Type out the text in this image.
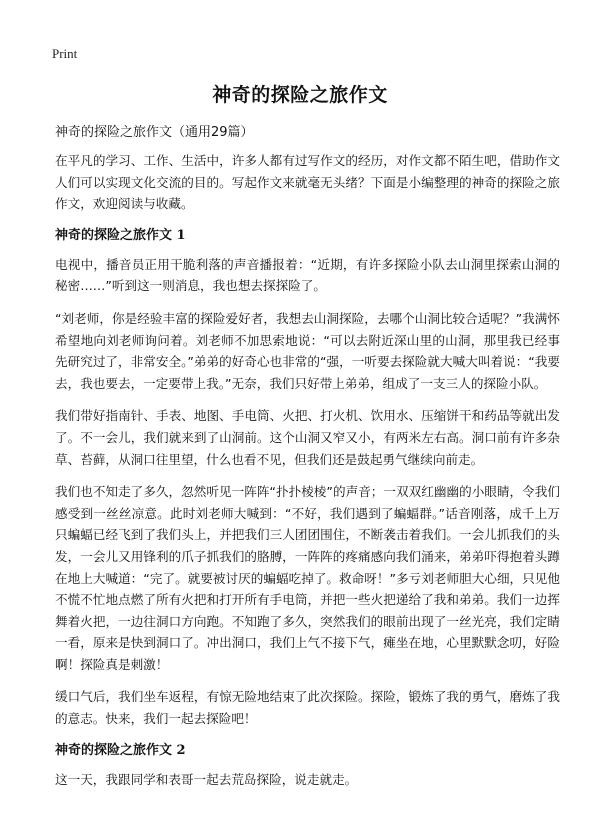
Print
神奇的探险之旅作文

神奇的探险之旅作文（通用29篇）

在平凡的学习、工作、生活中，许多人都有过写作文的经历，对作文都不陌生吧，借助作文人们可以实现文化交流的目的。写起作文来就毫无头绪？下面是小编整理的神奇的探险之旅作文，欢迎阅读与收藏。

神奇的探险之旅作文 1

电视中，播音员正用干脆利落的声音播报着：“近期，有许多探险小队去山洞里探索山洞的秘密……”听到这一则消息，我也想去探探险了。

“刘老师，你是经验丰富的探险爱好者，我想去山洞探险，去哪个山洞比较合适呢？”我满怀希望地向刘老师询问着。刘老师不加思索地说：“可以去附近深山里的山洞，那里我已经事先研究过了，非常安全。”弟弟的好奇心也非常的“强，一听要去探险就大喊大叫着说：“我要去，我也要去，一定要带上我。”无奈，我们只好带上弟弟，组成了一支三人的探险小队。

我们带好指南针、手表、地图、手电筒、火把、打火机、饮用水、压缩饼干和药品等就出发了。不一会儿，我们就来到了山洞前。这个山洞又窄又小，有两米左右高。洞口前有许多杂草、苔藓，从洞口往里望，什么也看不见，但我们还是鼓起勇气继续向前走。

我们也不知走了多久，忽然听见一阵阵“扑扑棱棱”的声音；一双双红幽幽的小眼睛，令我们感受到一丝丝凉意。此时刘老师大喊到：“不好，我们遇到了蝙蝠群。”话音刚落，成千上万只蝙蝠已经飞到了我们头上，并把我们三人团团围住，不断袭击着我们。一会儿抓我们的头发，一会儿又用锋利的爪子抓我们的胳膊，一阵阵的疼痛感向我们涌来，弟弟吓得抱着头蹲在地上大喊道：“完了。就要被讨厌的蝙蝠吃掉了。救命呀！”多亏刘老师胆大心细，只见他不慌不忙地点燃了所有火把和打开所有手电筒，并把一些火把递给了我和弟弟。我们一边挥舞着火把，一边往洞口方向跑。不知跑了多久，突然我们的眼前出现了一丝光亮，我们定睛一看，原来是快到洞口了。冲出洞口，我们上气不接下气，瘫坐在地，心里默默念叨，好险啊！探险真是刺激！

缓口气后，我们坐车返程，有惊无险地结束了此次探险。探险，锻炼了我的勇气，磨炼了我的意志。快来，我们一起去探险吧！

神奇的探险之旅作文 2

这一天，我跟同学和表哥一起去荒岛探险，说走就走。
